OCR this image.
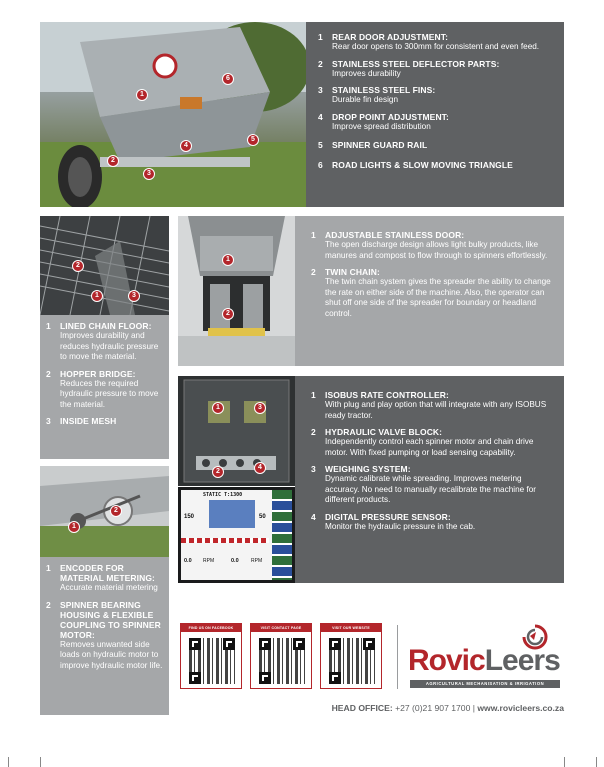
1
2
3
4
5
6
1 REAR DOOR ADJUSTMENT:
Rear door opens to 300mm for consistent and even feed.
2 STAINLESS STEEL DEFLECTOR PARTS:
Improves durability
3 STAINLESS STEEL FINS:
Durable fin design
4 DROP POINT ADJUSTMENT:
Improve spread distribution
5 SPINNER GUARD RAIL
6 ROAD LIGHTS & SLOW MOVING TRIANGLE
2
1	3
1 LINED CHAIN FLOOR:
Improves durability and reduces hydraulic pressure to move the material.
2 HOPPER BRIDGE:
Reduces the required hydraulic pressure to move the material.
3 INSIDE MESH
1
2
1 ADJUSTABLE STAINLESS DOOR:
The open discharge design allows light bulky products, like manures and compost to flow through to spinners effortlessly.
2 TWIN CHAIN:
The twin chain system gives the spreader the ability to change the rate on either side of the machine. Also, the operator can shut off one side of the spreader for boundary or headland control.
1	3
2
4
STATIC T:1300
150	50
0.0 RPM	0.0 RPM
1 ISOBUS RATE CONTROLLER:
With plug and play option that will integrate with any ISOBUS ready tractor.
2 HYDRAULIC VALVE BLOCK:
Independently control each spinner motor and chain drive motor. With fixed pumping or load sensing capability.
3 WEIGHING SYSTEM:
Dynamic calibrate while spreading. Improves metering accuracy. No need to manually recalibrate the machine for different products.
4 DIGITAL PRESSURE SENSOR:
Monitor the hydraulic pressure in the cab.
1
2
1 ENCODER FOR MATERIAL METERING:
Accurate material metering
2 SPINNER BEARING HOUSING & FLEXIBLE COUPLING TO SPINNER MOTOR:
Removes unwanted side loads on hydraulic motor to improve hydraulic motor life.
FIND US ON FACEBOOK	VISIT CONTACT PAGE	VISIT OUR WEBSITE
RovicLeers
AGRICULTURAL MECHANISATION & IRRIGATION
HEAD OFFICE: +27 (0)21 907 1700 | www.rovicleers.co.za
